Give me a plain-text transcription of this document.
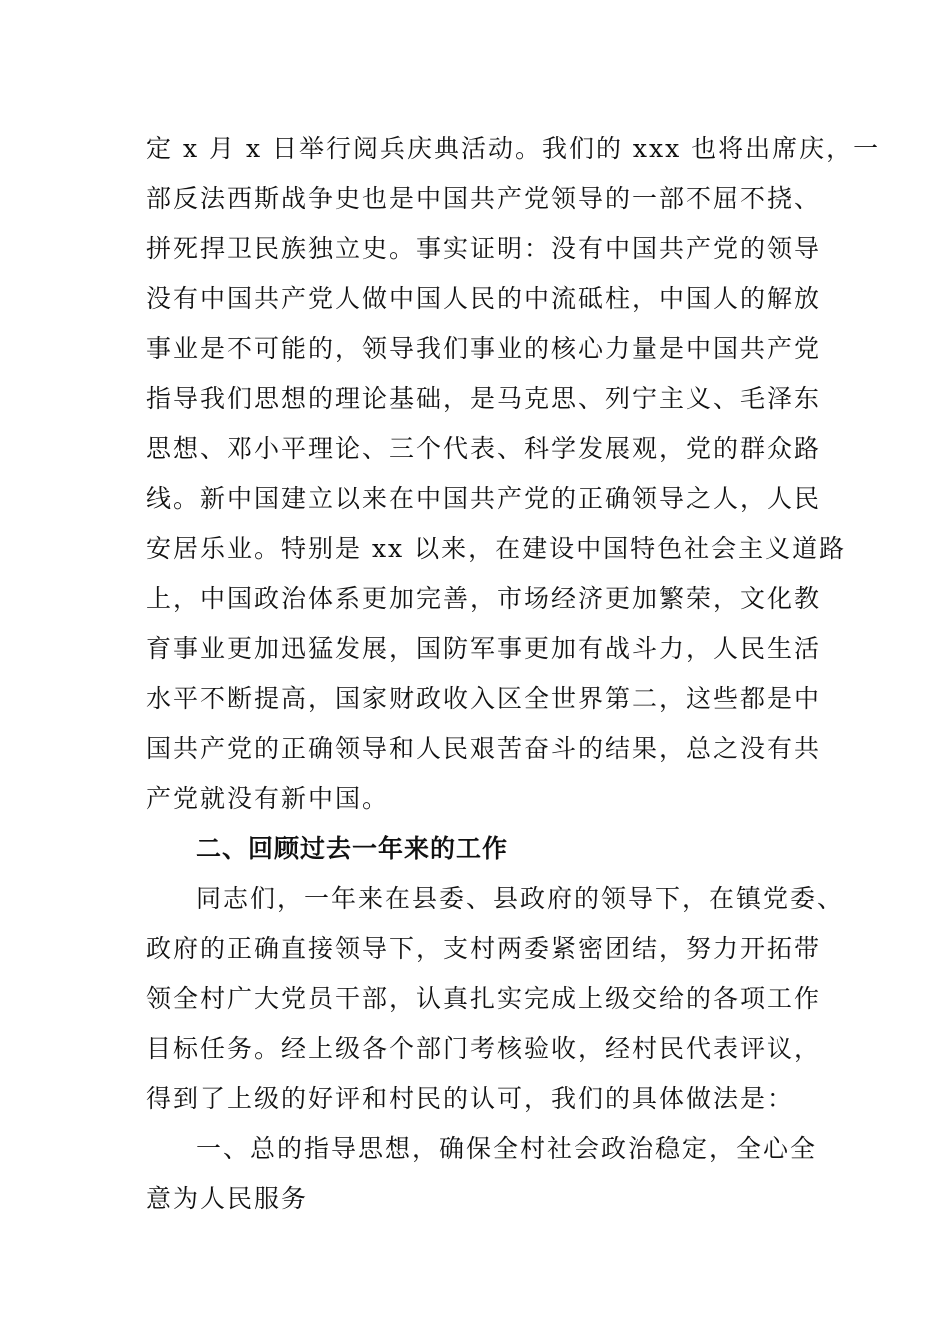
定 x 月 x 日举行阅兵庆典活动。我们的 xxx 也将出席庆，一
部反法西斯战争史也是中国共产党领导的一部不屈不挠、
拼死捍卫民族独立史。事实证明：没有中国共产党的领导
没有中国共产党人做中国人民的中流砥柱，中国人的解放
事业是不可能的，领导我们事业的核心力量是中国共产党
指导我们思想的理论基础，是马克思、列宁主义、毛泽东
思想、邓小平理论、三个代表、科学发展观，党的群众路
线。新中国建立以来在中国共产党的正确领导之人，人民
安居乐业。特别是 xx 以来，在建设中国特色社会主义道路
上，中国政治体系更加完善，市场经济更加繁荣，文化教
育事业更加迅猛发展，国防军事更加有战斗力，人民生活
水平不断提高，国家财政收入区全世界第二，这些都是中
国共产党的正确领导和人民艰苦奋斗的结果，总之没有共
产党就没有新中国。
二、回顾过去一年来的工作
同志们，一年来在县委、县政府的领导下，在镇党委、
政府的正确直接领导下，支村两委紧密团结，努力开拓带
领全村广大党员干部，认真扎实完成上级交给的各项工作
目标任务。经上级各个部门考核验收，经村民代表评议，
得到了上级的好评和村民的认可，我们的具体做法是：
一、总的指导思想，确保全村社会政治稳定，全心全
意为人民服务
